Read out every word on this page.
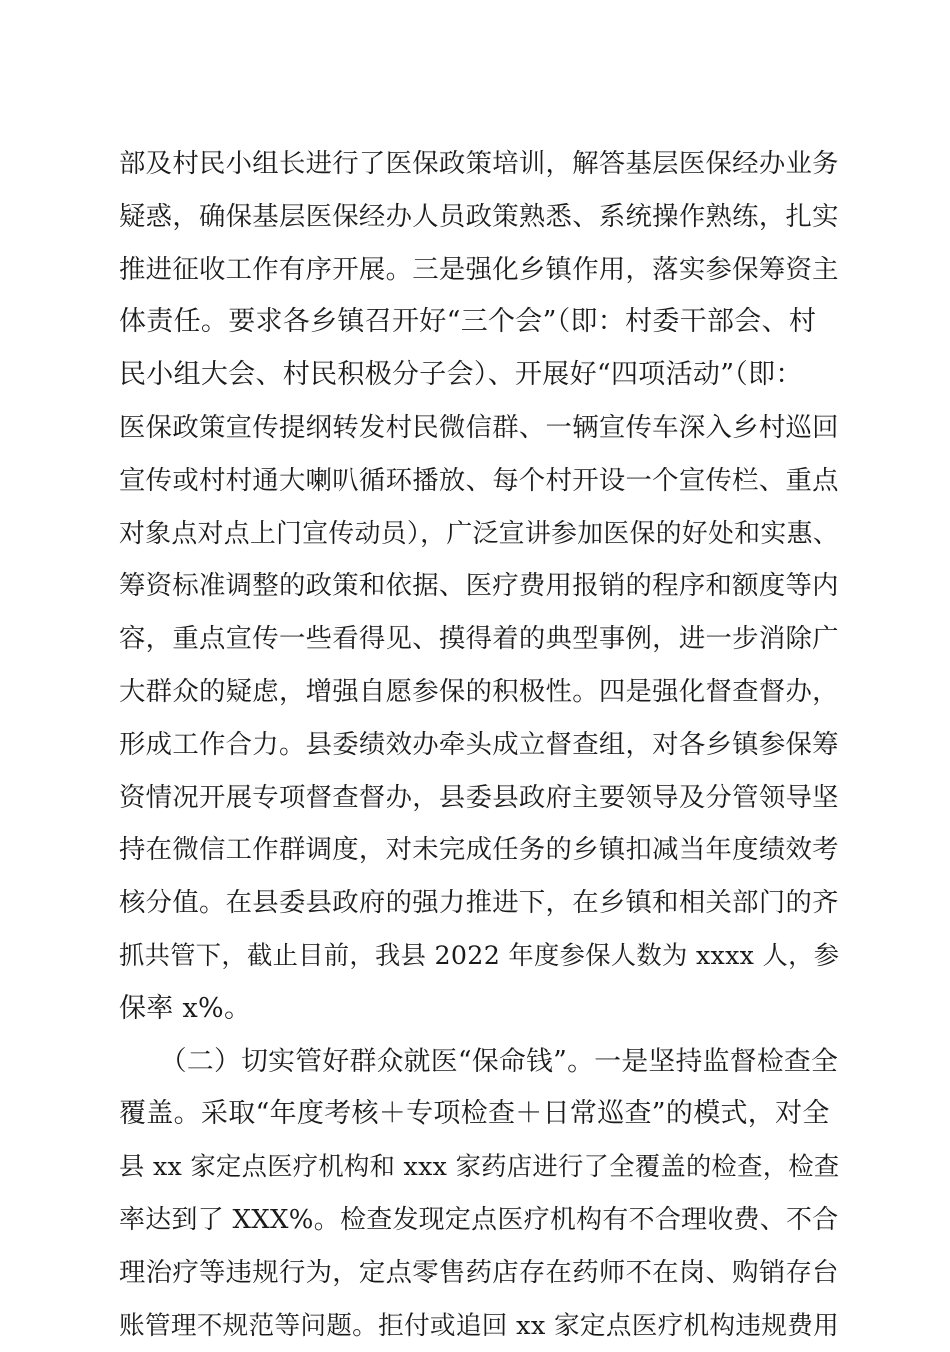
部及村民小组长进行了医保政策培训，解答基层医保经办业务
疑惑，确保基层医保经办人员政策熟悉、系统操作熟练，扎实
推进征收工作有序开展。三是强化乡镇作用，落实参保筹资主
体责任。要求各乡镇召开好“三个会”（即：村委干部会、村
民小组大会、村民积极分子会）、开展好“四项活动”（即：
医保政策宣传提纲转发村民微信群、一辆宣传车深入乡村巡回
宣传或村村通大喇叭循环播放、每个村开设一个宣传栏、重点
对象点对点上门宣传动员），广泛宣讲参加医保的好处和实惠、
筹资标准调整的政策和依据、医疗费用报销的程序和额度等内
容，重点宣传一些看得见、摸得着的典型事例，进一步消除广
大群众的疑虑，增强自愿参保的积极性。四是强化督查督办，
形成工作合力。县委绩效办牵头成立督查组，对各乡镇参保筹
资情况开展专项督查督办，县委县政府主要领导及分管领导坚
持在微信工作群调度，对未完成任务的乡镇扣减当年度绩效考
核分值。在县委县政府的强力推进下，在乡镇和相关部门的齐
抓共管下，截止目前，我县 2022 年度参保人数为 xxxx 人，参
保率 x%。
　　（二）切实管好群众就医“保命钱”。一是坚持监督检查全
覆盖。采取“年度考核＋专项检查＋日常巡查”的模式，对全
县 xx 家定点医疗机构和 xxx 家药店进行了全覆盖的检查，检查
率达到了 XXX%。检查发现定点医疗机构有不合理收费、不合
理治疗等违规行为，定点零售药店存在药师不在岗、购销存台
账管理不规范等问题。拒付或追回 xx 家定点医疗机构违规费用
